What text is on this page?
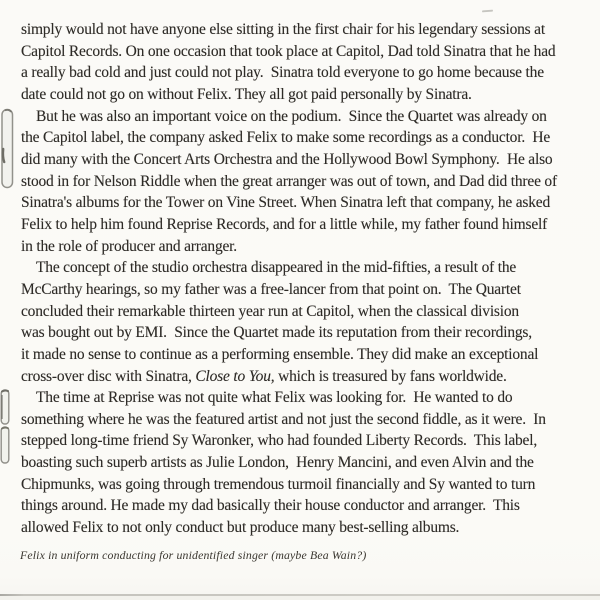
simply would not have anyone else sitting in the first chair for his legendary sessions at
Capitol Records. On one occasion that took place at Capitol, Dad told Sinatra that he had
a really bad cold and just could not play.  Sinatra told everyone to go home because the
date could not go on without Felix. They all got paid personally by Sinatra.
But he was also an important voice on the podium.  Since the Quartet was already on
the Capitol label, the company asked Felix to make some recordings as a conductor.  He
did many with the Concert Arts Orchestra and the Hollywood Bowl Symphony.  He also
stood in for Nelson Riddle when the great arranger was out of town, and Dad did three of
Sinatra's albums for the Tower on Vine Street. When Sinatra left that company, he asked
Felix to help him found Reprise Records, and for a little while, my father found himself
in the role of producer and arranger.
The concept of the studio orchestra disappeared in the mid-fifties, a result of the
McCarthy hearings, so my father was a free-lancer from that point on.  The Quartet
concluded their remarkable thirteen year run at Capitol, when the classical division
was bought out by EMI.  Since the Quartet made its reputation from their recordings,
it made no sense to continue as a performing ensemble. They did make an exceptional
cross-over disc with Sinatra, Close to You, which is treasured by fans worldwide.
The time at Reprise was not quite what Felix was looking for.  He wanted to do
something where he was the featured artist and not just the second fiddle, as it were.  In
stepped long-time friend Sy Waronker, who had founded Liberty Records.  This label,
boasting such superb artists as Julie London,  Henry Mancini, and even Alvin and the
Chipmunks, was going through tremendous turmoil financially and Sy wanted to turn
things around. He made my dad basically their house conductor and arranger.  This
allowed Felix to not only conduct but produce many best-selling albums.
Felix in uniform conducting for unidentified singer (maybe Bea Wain?)
